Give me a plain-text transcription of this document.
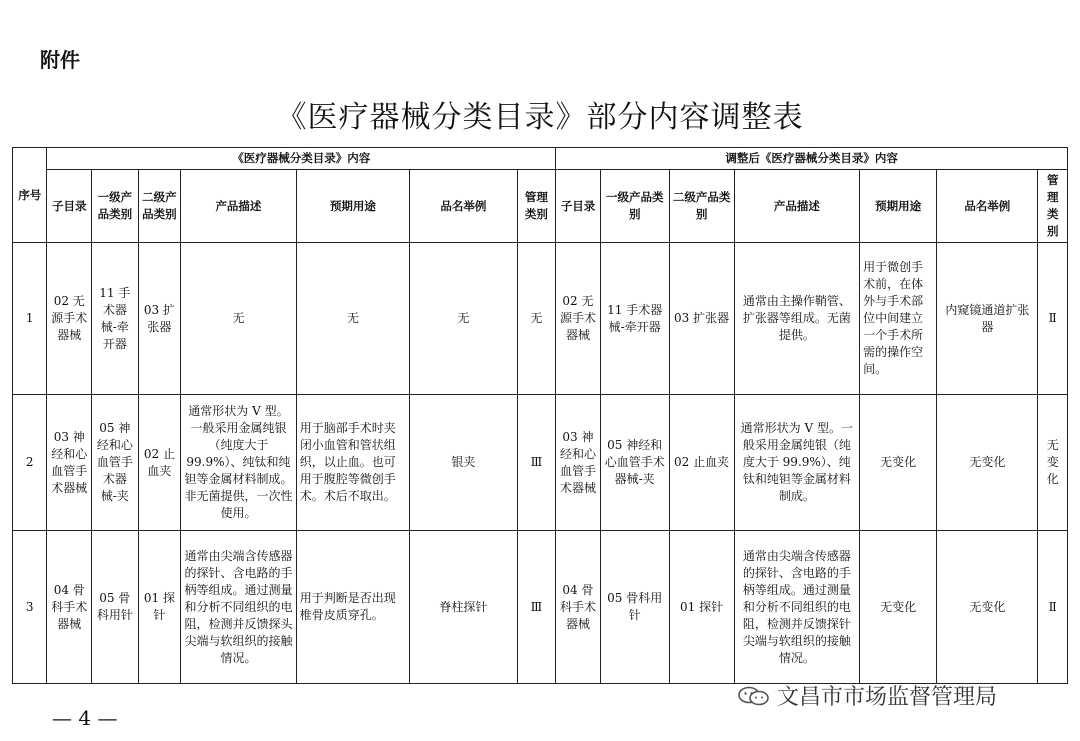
附件
《医疗器械分类目录》部分内容调整表
序号	《医疗器械分类目录》内容							调整后《医疗器械分类目录》内容						
	子目录	一级产品类别	二级产品类别	产品描述	预期用途	品名举例	管理类别	子目录	一级产品类别	二级产品类别	产品描述	预期用途	品名举例	管理类别
1	02 无源手术器械	11 手术器械-牵开器	03 扩张器	无	无	无	无	02 无源手术器械	11 手术器械-牵开器	03 扩张器	通常由主操作鞘管、扩张器等组成。无菌提供。	用于微创手术前，在体外与手术部位中间建立一个手术所需的操作空间。	内窥镜通道扩张器	Ⅱ
2	03 神经和心血管手术器械	05 神经和心血管手术器械-夹	02 止血夹	通常形状为 V 型。一般采用金属纯银（纯度大于99.9%）、纯钛和纯钽等金属材料制成。非无菌提供，一次性使用。	用于脑部手术时夹闭小血管和管状组织，以止血。也可用于腹腔等微创手术。术后不取出。	银夹	Ⅲ	03 神经和心血管手术器械	05 神经和心血管手术器械-夹	02 止血夹	通常形状为 V 型。一般采用金属纯银（纯度大于 99.9%）、纯钛和纯钽等金属材料制成。	无变化	无变化	无变化
3	04 骨科手术器械	05 骨科用针	01 探针	通常由尖端含传感器的探针、含电路的手柄等组成。通过测量和分析不同组织的电阻，检测并反馈探头尖端与软组织的接触情况。	用于判断是否出现椎骨皮质穿孔。	脊柱探针	Ⅲ	04 骨科手术器械	05 骨科用针	01 探针	通常由尖端含传感器的探针、含电路的手柄等组成。通过测量和分析不同组织的电阻，检测并反馈探针尖端与软组织的接触情况。	无变化	无变化	Ⅱ
文昌市市场监督管理局
— 4 —
